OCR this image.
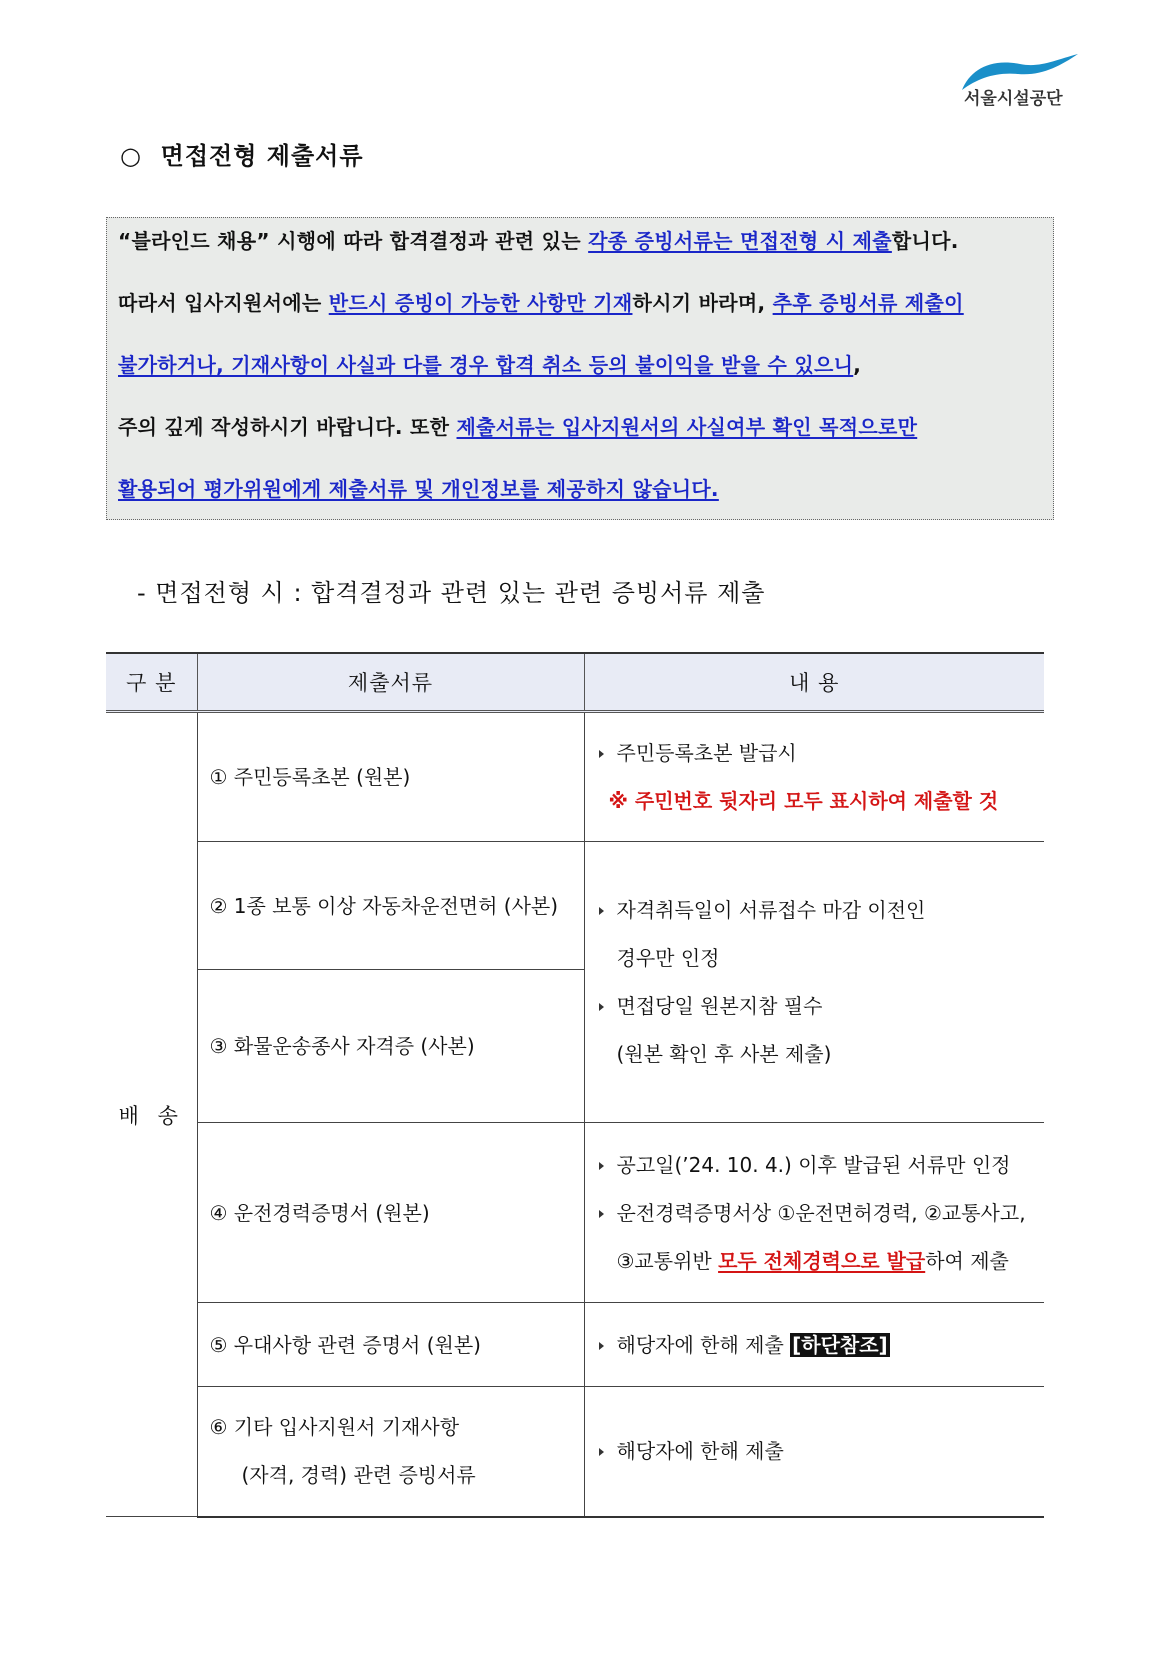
서울시설공단
○ 면접전형 제출서류

“블라인드 채용” 시행에 따라 합격결정과 관련 있는 각종 증빙서류는 면접전형 시 제출합니다.

따라서 입사지원서에는 반드시 증빙이 가능한 사항만 기재하시기 바라며, 추후 증빙서류 제출이

불가하거나, 기재사항이 사실과 다를 경우 합격 취소 등의 불이익을 받을 수 있으니,

주의 깊게 작성하시기 바랍니다. 또한 제출서류는 입사지원서의 사실여부 확인 목적으로만

활용되어 평가위원에게 제출서류 및 개인정보를 제공하지 않습니다.

- 면접전형 시 : 합격결정과 관련 있는 관련 증빙서류 제출
구 분	제출서류	내 용
배 송	① 주민등록초본 (원본)	주민등록초본 발급시
※ 주민번호 뒷자리 모두 표시하여 제출할 것

	② 1종 보통 이상 자동차운전면허 (사본)	자격취득일이 서류접수 마감 이전인
경우만 인정
면접당일 원본지참 필수
(원본 확인 후 사본 제출)

	③ 화물운송종사 자격증 (사본)	

	④ 운전경력증명서 (원본)	공고일(’24. 10. 4.) 이후 발급된 서류만 인정
운전경력증명서상 ①운전면허경력, ②교통사고,
③교통위반 모두 전체경력으로 발급하여 제출

	⑤ 우대사항 관련 증명서 (원본)	해당자에 한해 제출 [하단참조]

	⑥ 기타 입사지원서 기재사항
(자격, 경력) 관련 증빙서류	해당자에 한해 제출
